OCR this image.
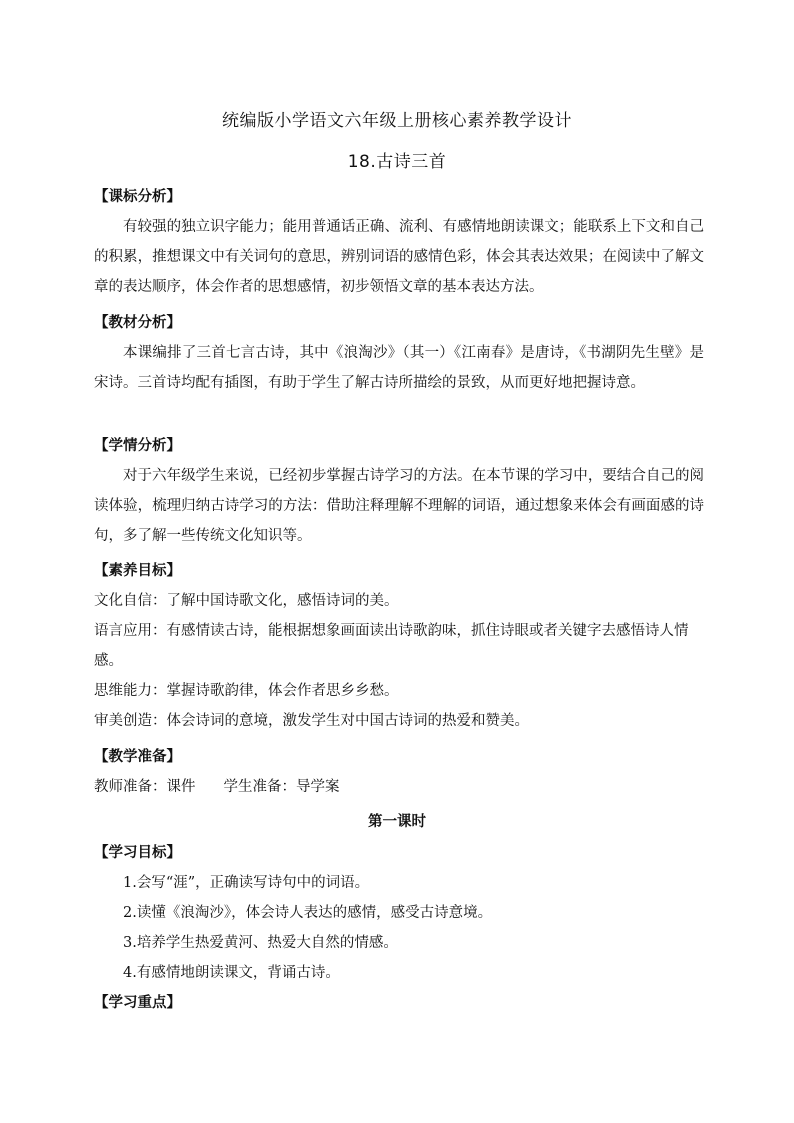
统编版小学语文六年级上册核心素养教学设计
18.古诗三首
【课标分析】
有较强的独立识字能力；能用普通话正确、流利、有感情地朗读课文；能联系上下文和自己的积累，推想课文中有关词句的意思，辨别词语的感情色彩，体会其表达效果；在阅读中了解文章的表达顺序，体会作者的思想感情，初步领悟文章的基本表达方法。
【教材分析】
本课编排了三首七言古诗，其中《浪淘沙》（其一）《江南春》是唐诗，《书湖阴先生壁》是宋诗。三首诗均配有插图，有助于学生了解古诗所描绘的景致，从而更好地把握诗意。
【学情分析】
对于六年级学生来说，已经初步掌握古诗学习的方法。在本节课的学习中，要结合自己的阅读体验，梳理归纳古诗学习的方法：借助注释理解不理解的词语，通过想象来体会有画面感的诗句，多了解一些传统文化知识等。
【素养目标】
文化自信：了解中国诗歌文化，感悟诗词的美。
语言应用：有感情读古诗，能根据想象画面读出诗歌韵味，抓住诗眼或者关键字去感悟诗人情感。
思维能力：掌握诗歌韵律，体会作者思乡乡愁。
审美创造：体会诗词的意境，激发学生对中国古诗词的热爱和赞美。
【教学准备】
教师准备：课件 学生准备：导学案
第一课时
【学习目标】
1.会写“涯”，正确读写诗句中的词语。
2.读懂《浪淘沙》，体会诗人表达的感情，感受古诗意境。
3.培养学生热爱黄河、热爱大自然的情感。
4.有感情地朗读课文，背诵古诗。
【学习重点】
